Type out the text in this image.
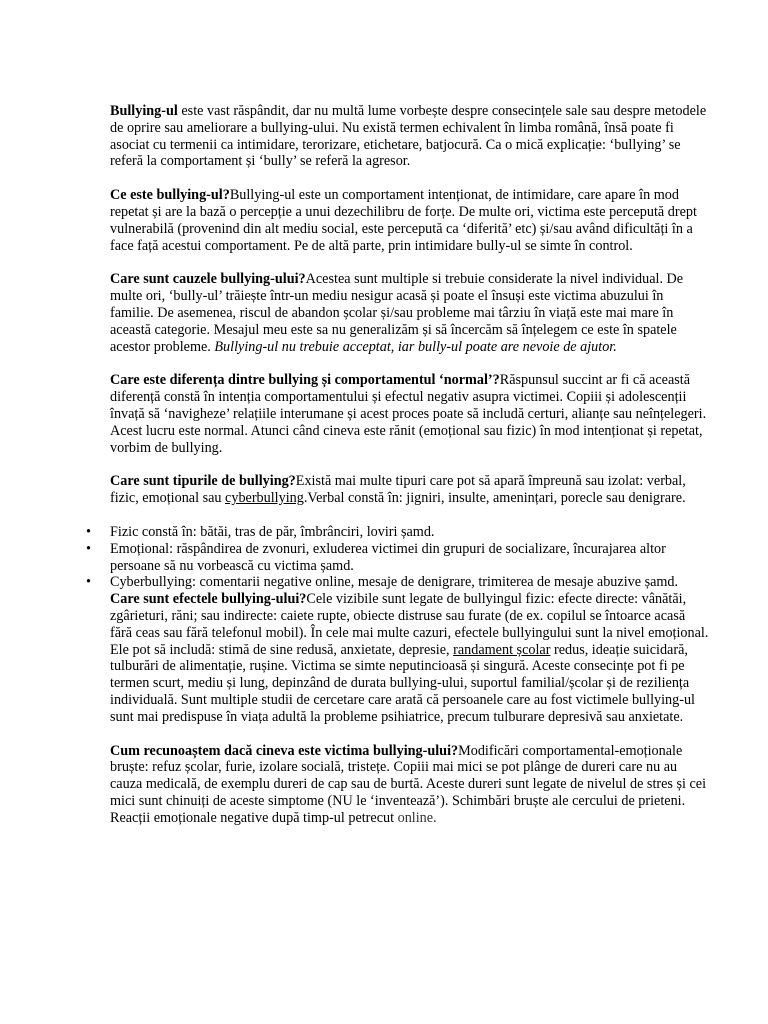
Bullying-ul este vast răspândit, dar nu multă lume vorbește despre consecințele sale sau despre metodele de oprire sau ameliorare a bullying-ului. Nu există termen echivalent în limba română, însă poate fi asociat cu termenii ca intimidare, terorizare, etichetare, batjocură. Ca o mică explicație: ‘bullying’ se referă la comportament și ‘bully’ se referă la agresor.

Ce este bullying-ul?Bullying-ul este un comportament intenționat, de intimidare, care apare în mod repetat și are la bază o percepție a unui dezechilibru de forțe. De multe ori, victima este percepută drept vulnerabilă (provenind din alt mediu social, este percepută ca ‘diferită’ etc) și/sau având dificultăți în a face față acestui comportament. Pe de altă parte, prin intimidare bully-ul se simte în control.

Care sunt cauzele bullying-ului?Acestea sunt multiple si trebuie considerate la nivel individual. De multe ori, ‘bully-ul’ trăiește într-un mediu nesigur acasă și poate el însuși este victima abuzului în familie. De asemenea, riscul de abandon școlar și/sau probleme mai târziu în viață este mai mare în această categorie. Mesajul meu este sa nu generalizăm și să încercăm să înțelegem ce este în spatele acestor probleme. Bullying-ul nu trebuie acceptat, iar bully-ul poate are nevoie de ajutor.

Care este diferența dintre bullying și comportamentul ‘normal’?Răspunsul succint ar fi că această diferență constă în intenția comportamentului și efectul negativ asupra victimei. Copiii și adolescenții învață să ‘navigheze’ relațiile interumane și acest proces poate să includă certuri, alianțe sau neînțelegeri. Acest lucru este normal. Atunci când cineva este rănit (emoțional sau fizic) în mod intenționat și repetat, vorbim de bullying.

Care sunt tipurile de bullying?Există mai multe tipuri care pot să apară împreună sau izolat: verbal, fizic, emoțional sau cyberbullying.Verbal constă în: jigniri, insulte, amenințari, porecle sau denigrare.

• Fizic constă în: bătăi, tras de păr, îmbrânciri, loviri șamd.
• Emoțional: răspândirea de zvonuri, exluderea victimei din grupuri de socializare, încurajarea altor persoane să nu vorbească cu victima șamd.
• Cyberbullying: comentarii negative online, mesaje de denigrare, trimiterea de mesaje abuzive șamd.
Care sunt efectele bullying-ului?Cele vizibile sunt legate de bullyingul fizic: efecte directe: vânătăi, zgârieturi, răni; sau indirecte: caiete rupte, obiecte distruse sau furate (de ex. copilul se întoarce acasă fără ceas sau fără telefonul mobil). În cele mai multe cazuri, efectele bullyingului sunt la nivel emoțional. Ele pot să includă: stimă de sine redusă, anxietate, depresie, randament școlar redus, ideație suicidară, tulburări de alimentație, rușine. Victima se simte neputincioasă și singură. Aceste consecințe pot fi pe termen scurt, mediu și lung, depinzând de durata bullying-ului, suportul familial/școlar și de reziliența individuală. Sunt multiple studii de cercetare care arată că persoanele care au fost victimele bullying-ul sunt mai predispuse în viața adultă la probleme psihiatrice, precum tulburare depresivă sau anxietate.

Cum recunoaștem dacă cineva este victima bullying-ului?Modificări comportamental-emoționale bruște: refuz școlar, furie, izolare socială, tristețe. Copiii mai mici se pot plânge de dureri care nu au cauza medicală, de exemplu dureri de cap sau de burtă. Aceste dureri sunt legate de nivelul de stres și cei mici sunt chinuiți de aceste simptome (NU le ‘inventează’). Schimbări bruște ale cercului de prieteni. Reacții emoționale negative după timp-ul petrecut online.
